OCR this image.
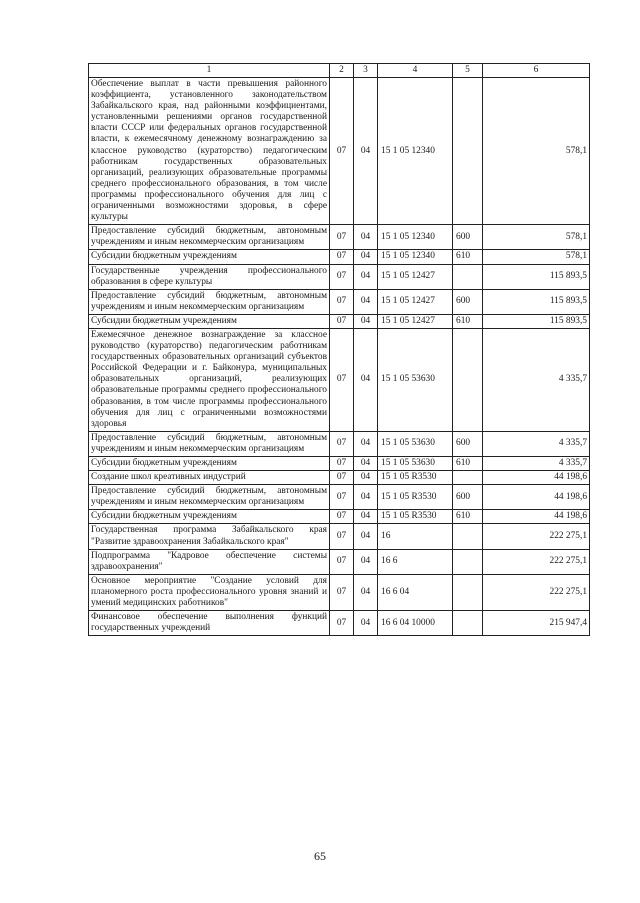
1	2	3	4	5	6
Обеспечение выплат в части превышения районного коэффициента, установленного законодательством Забайкальского края, над районными коэффициентами, установленными решениями органов государственной власти СССР или федеральных органов государственной власти, к ежемесячному денежному вознаграждению за классное руководство (кураторство) педагогическим работникам государственных образовательных организаций, реализующих образовательные программы среднего профессионального образования, в том числе программы профессионального обучения для лиц с ограниченными возможностями здоровья, в сфере культуры	07	04	15 1 05 12340		578,1
Предоставление субсидий бюджетным, автономным учреждениям и иным некоммерческим организациям	07	04	15 1 05 12340	600	578,1
Субсидии бюджетным учреждениям	07	04	15 1 05 12340	610	578,1
Государственные учреждения профессионального образования в сфере культуры	07	04	15 1 05 12427		115 893,5
Предоставление субсидий бюджетным, автономным учреждениям и иным некоммерческим организациям	07	04	15 1 05 12427	600	115 893,5
Субсидии бюджетным учреждениям	07	04	15 1 05 12427	610	115 893,5
Ежемесячное денежное вознаграждение за классное руководство (кураторство) педагогическим работникам государственных образовательных организаций субъектов Российской Федерации и г. Байконура, муниципальных образовательных организаций, реализующих образовательные программы среднего профессионального образования, в том числе программы профессионального обучения для лиц с ограниченными возможностями здоровья	07	04	15 1 05 53630		4 335,7
Предоставление субсидий бюджетным, автономным учреждениям и иным некоммерческим организациям	07	04	15 1 05 53630	600	4 335,7
Субсидии бюджетным учреждениям	07	04	15 1 05 53630	610	4 335,7
Создание школ креативных индустрий	07	04	15 1 05 R3530		44 198,6
Предоставление субсидий бюджетным, автономным учреждениям и иным некоммерческим организациям	07	04	15 1 05 R3530	600	44 198,6
Субсидии бюджетным учреждениям	07	04	15 1 05 R3530	610	44 198,6
Государственная программа Забайкальского края "Развитие здравоохранения Забайкальского края"	07	04	16		222 275,1
Подпрограмма "Кадровое обеспечение системы здравоохранения"	07	04	16 6		222 275,1
Основное мероприятие "Создание условий для планомерного роста профессионального уровня знаний и умений медицинских работников"	07	04	16 6 04		222 275,1
Финансовое обеспечение выполнения функций государственных учреждений	07	04	16 6 04 10000		215 947,4
65
